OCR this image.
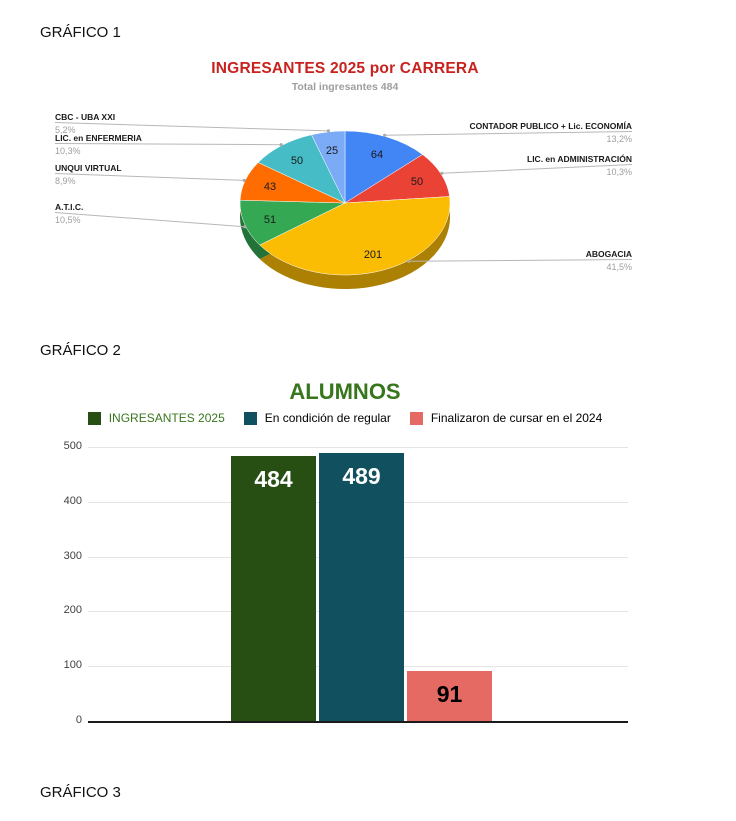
GRÁFICO 1
INGRESANTES 2025 por CARRERA
Total ingresantes 484
64
50
201
51
43
50
25
CONTADOR PUBLICO + Lic. ECONOMÍA
13,2%
LIC. en ADMINISTRACIÓN
10,3%
ABOGACIA
41,5%
A.T.I.C.
10,5%
UNQUI VIRTUAL
8,9%
LIC. en ENFERMERIA
10,3%
CBC - UBA XXI
5,2%
GRÁFICO 2
ALUMNOS
INGRESANTES 2025	En condición de regular	Finalizaron de cursar en el 2024
0
100
200
300
400
500
484	489
91
GRÁFICO 3
